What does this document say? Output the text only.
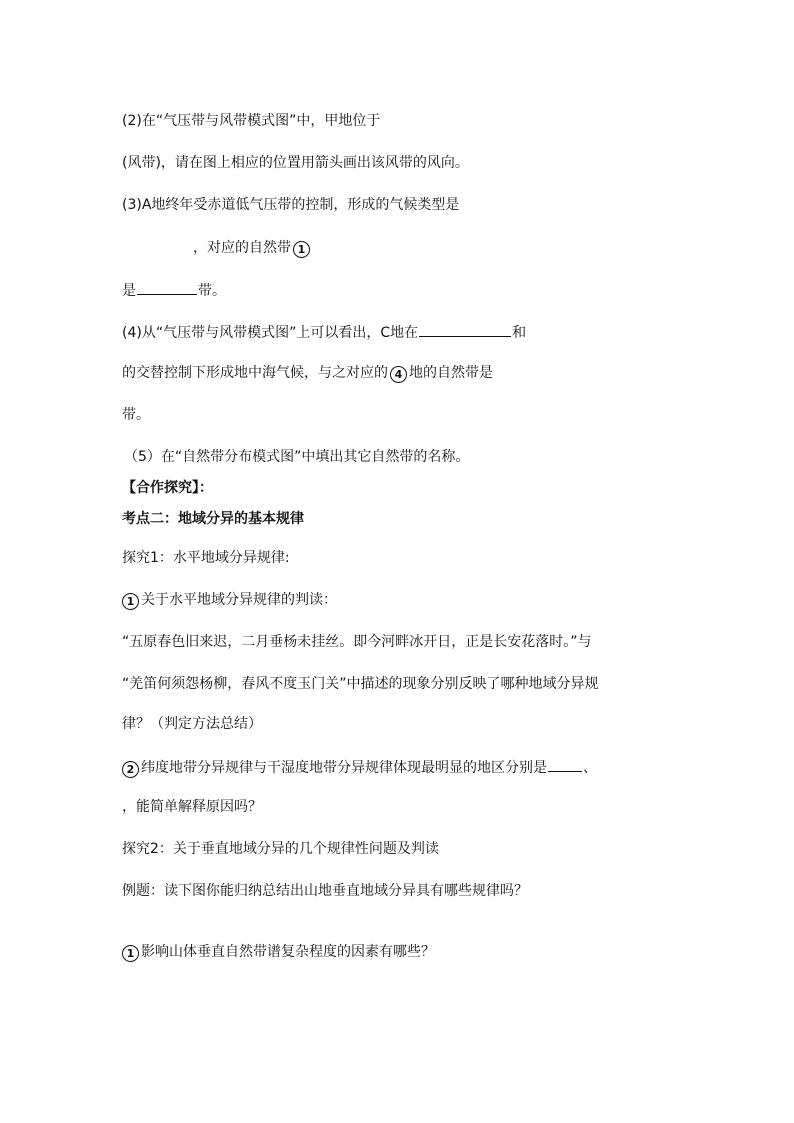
(2)在“气压带与风带模式图”中，甲地位于
(风带)，请在图上相应的位置用箭头画出该风带的风向。
(3)A地终年受赤道低气压带的控制，形成的气候类型是
，对应的自然带 1
是	带。
(4)从“气压带与风带模式图”上可以看出，C地在	和
的交替控制下形成地中海气候，与之对应的 4 地的自然带是
带。
（5）在“自然带分布模式图”中填出其它自然带的名称。
【合作探究】：
考点二：地域分异的基本规律
探究1：水平地域分异规律:
1 关于水平地域分异规律的判读：
“五原春色旧来迟，二月垂杨未挂丝。即今河畔冰开日，正是长安花落时。”与
“羌笛何须怨杨柳，春风不度玉门关”中描述的现象分别反映了哪种地域分异规
律？（判定方法总结）
2 纬度地带分异规律与干湿度地带分异规律体现最明显的地区分别是	、
，能简单解释原因吗？
探究2：关于垂直地域分异的几个规律性问题及判读
例题：读下图你能归纳总结出山地垂直地域分异具有哪些规律吗？
1 影响山体垂直自然带谱复杂程度的因素有哪些？
